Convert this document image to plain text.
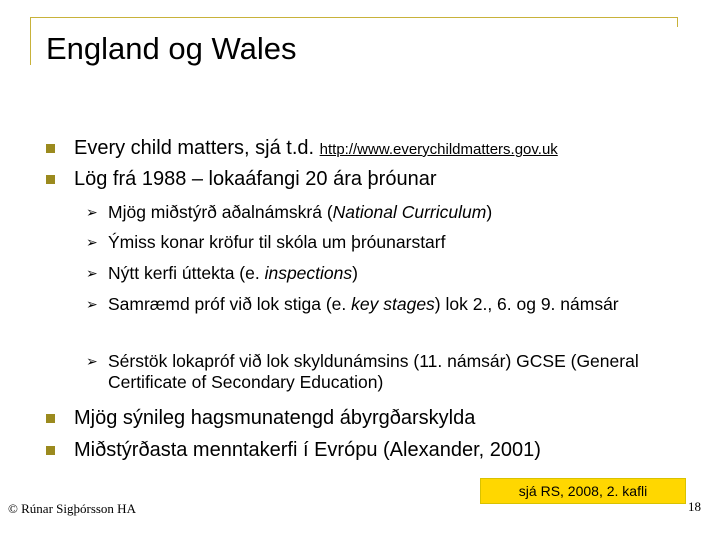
England og Wales
Every child matters, sjá t.d. http://www.everychildmatters.gov.uk
Lög frá 1988 – lokaáfangi 20 ára þróunar
➢ Mjög miðstýrð aðalnámskrá (National Curriculum)
➢ Ýmiss konar kröfur til skóla um þróunarstarf
➢ Nýtt kerfi úttekta (e. inspections)
➢ Samræmd próf við lok stiga (e. key stages) lok 2., 6. og 9. námsár
➢ Sérstök lokapróf við lok skyldunámsins (11. námsár) GCSE (General Certificate of Secondary Education)
Mjög sýnileg hagsmunatengd ábyrgðarskylda
Miðstýrðasta menntakerfi í Evrópu (Alexander, 2001)
sjá RS, 2008, 2. kafli
© Rúnar Sigþórsson HA	18
